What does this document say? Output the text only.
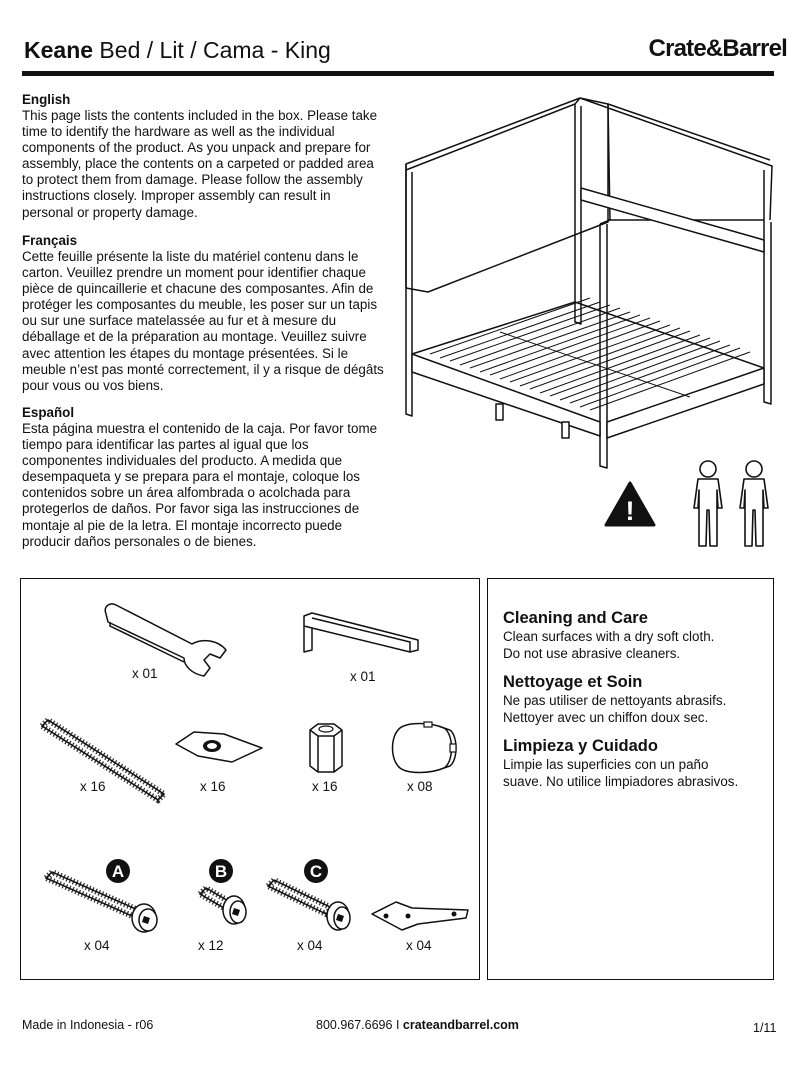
Keane Bed / Lit / Cama - King	Crate&Barrel
English

This page lists the contents included in the box. Please take time to identify the hardware as well as the individual components of the product. As you unpack and prepare for assembly, place the contents on a carpeted or padded area to protect them from damage. Please follow the assembly instructions closely. Improper assembly can result in personal or property damage.

Français

Cette feuille présente la liste du matériel contenu dans le carton. Veuillez prendre un moment pour identifier chaque pièce de quincaillerie et chacune des composantes. Afin de protéger les composantes du meuble, les poser sur un tapis ou sur une surface matelassée au fur et à mesure du déballage et de la préparation au montage. Veuillez suivre avec attention les étapes du montage présentées. Si le meuble n’est pas monté correctement, il y a risque de dégâts pour vous ou vos biens.

Español

Esta página muestra el contenido de la caja. Por favor tome tiempo para identificar las partes al igual que los componentes individuales del producto. A medida que desempaqueta y se prepara para el montaje, coloque los contenidos sobre un área alfombrada o acolchada para protegerlos de daños. Por favor siga las instrucciones de montaje al pie de la letra. El montaje incorrecto puede producir daños personales o de bienes.

!
x 01	x 01
x 16	x 16	x 16	x 08
A
x 04
B
x 12
C
x 04	x 04
Cleaning and Care

Clean surfaces with a dry soft cloth.

Do not use abrasive cleaners.

Nettoyage et Soin

Ne pas utiliser de nettoyants abrasifs.

Nettoyer avec un chiffon doux sec.

Limpieza y Cuidado

Limpie las superficies con un paño

suave. No utilice limpiadores abrasivos.

Made in Indonesia - r06	800.967.6696 I crateandbarrel.com	1/11
